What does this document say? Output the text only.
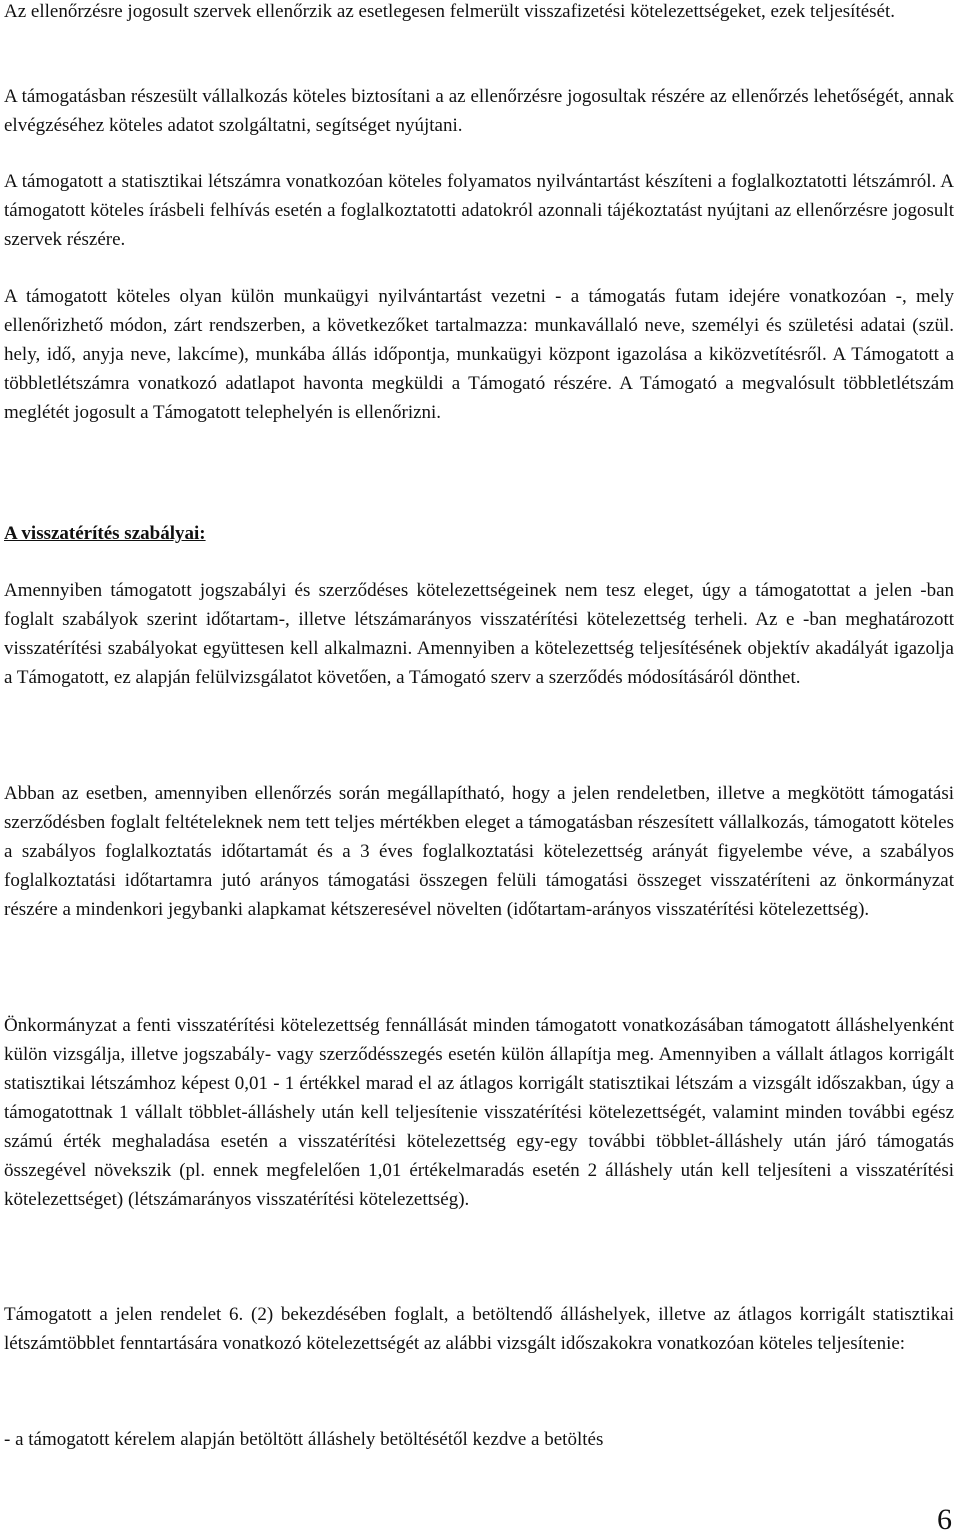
Az ellenőrzésre jogosult szervek ellenőrzik az esetlegesen felmerült visszafizetési kötelezettségeket, ezek teljesítését.

A támogatásban részesült vállalkozás köteles biztosítani a az ellenőrzésre jogosultak részére az ellenőrzés lehetőségét, annak elvégzéséhez köteles adatot szolgáltatni, segítséget nyújtani.

A támogatott a statisztikai létszámra vonatkozóan köteles folyamatos nyilvántartást készíteni a foglalkoztatotti létszámról. A támogatott köteles írásbeli felhívás esetén a foglalkoztatotti adatokról azonnali tájékoztatást nyújtani az ellenőrzésre jogosult szervek részére.

A támogatott köteles olyan külön munkaügyi nyilvántartást vezetni - a támogatás futam idejére vonatkozóan -, mely ellenőrizhető módon, zárt rendszerben, a következőket tartalmazza: munkavállaló neve, személyi és születési adatai (szül. hely, idő, anyja neve, lakcíme), munkába állás időpontja, munkaügyi központ igazolása a kiközvetítésről. A Támogatott a többletlétszámra vonatkozó adatlapot havonta megküldi a Támogató részére. A Támogató a megvalósult többletlétszám meglétét jogosult a Támogatott telephelyén is ellenőrizni.

A visszatérítés szabályai:

Amennyiben támogatott jogszabályi és szerződéses kötelezettségeinek nem tesz eleget, úgy a támogatottat a jelen -ban foglalt szabályok szerint időtartam-, illetve létszámarányos visszatérítési kötelezettség terheli. Az e -ban meghatározott visszatérítési szabályokat együttesen kell alkalmazni. Amennyiben a kötelezettség teljesítésének objektív akadályát igazolja a Támogatott, ez alapján felülvizsgálatot követően, a Támogató szerv a szerződés módosításáról dönthet.

Abban az esetben, amennyiben ellenőrzés során megállapítható, hogy a jelen rendeletben, illetve a megkötött támogatási szerződésben foglalt feltételeknek nem tett teljes mértékben eleget a támogatásban részesített vállalkozás, támogatott köteles a szabályos foglalkoztatás időtartamát és a 3 éves foglalkoztatási kötelezettség arányát figyelembe véve, a szabályos foglalkoztatási időtartamra jutó arányos támogatási összegen felüli támogatási összeget visszatéríteni az önkormányzat részére a mindenkori jegybanki alapkamat kétszeresével növelten (időtartam-arányos visszatérítési kötelezettség).

Önkormányzat a fenti visszatérítési kötelezettség fennállását minden támogatott vonatkozásában támogatott álláshelyenként külön vizsgálja, illetve jogszabály- vagy szerződésszegés esetén külön állapítja meg. Amennyiben a vállalt átlagos korrigált statisztikai létszámhoz képest 0,01 - 1 értékkel marad el az átlagos korrigált statisztikai létszám a vizsgált időszakban, úgy a támogatottnak 1 vállalt többlet-álláshely után kell teljesítenie visszatérítési kötelezettségét, valamint minden további egész számú érték meghaladása esetén a visszatérítési kötelezettség egy-egy további többlet-álláshely után járó támogatás összegével növekszik (pl. ennek megfelelően 1,01 értékelmaradás esetén 2 álláshely után kell teljesíteni a visszatérítési kötelezettséget) (létszámarányos visszatérítési kötelezettség).

Támogatott a jelen rendelet 6. (2) bekezdésében foglalt, a betöltendő álláshelyek, illetve az átlagos korrigált statisztikai létszámtöbblet fenntartására vonatkozó kötelezettségét az alábbi vizsgált időszakokra vonatkozóan köteles teljesítenie:

- a támogatott kérelem alapján betöltött álláshely betöltésétől kezdve a betöltés

6
